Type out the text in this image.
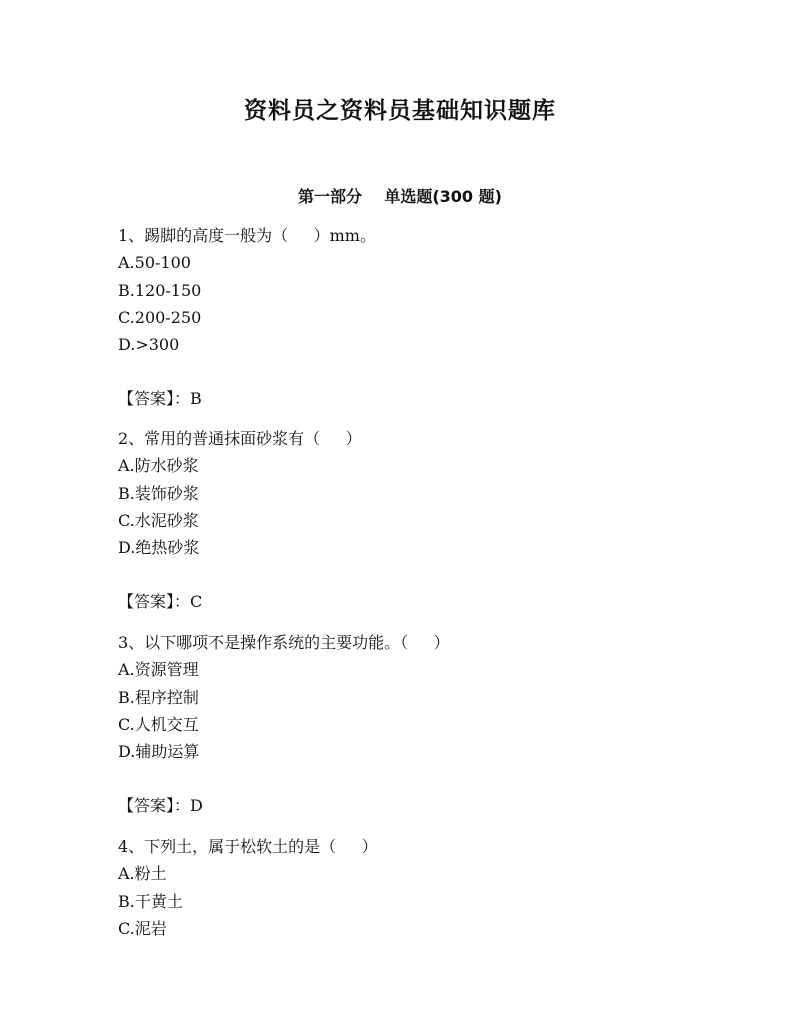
资料员之资料员基础知识题库
第一部分    单选题(300 题)
1、踢脚的高度一般为（     ）mm。
A.50-100
B.120-150
C.200-250
D.>300
【答案】：B
2、常用的普通抹面砂浆有（     ）
A.防水砂浆
B.装饰砂浆
C.水泥砂浆
D.绝热砂浆
【答案】：C
3、以下哪项不是操作系统的主要功能。（     ）
A.资源管理
B.程序控制
C.人机交互
D.辅助运算
【答案】：D
4、下列土，属于松软土的是（     ）
A.粉土
B.干黄土
C.泥岩
